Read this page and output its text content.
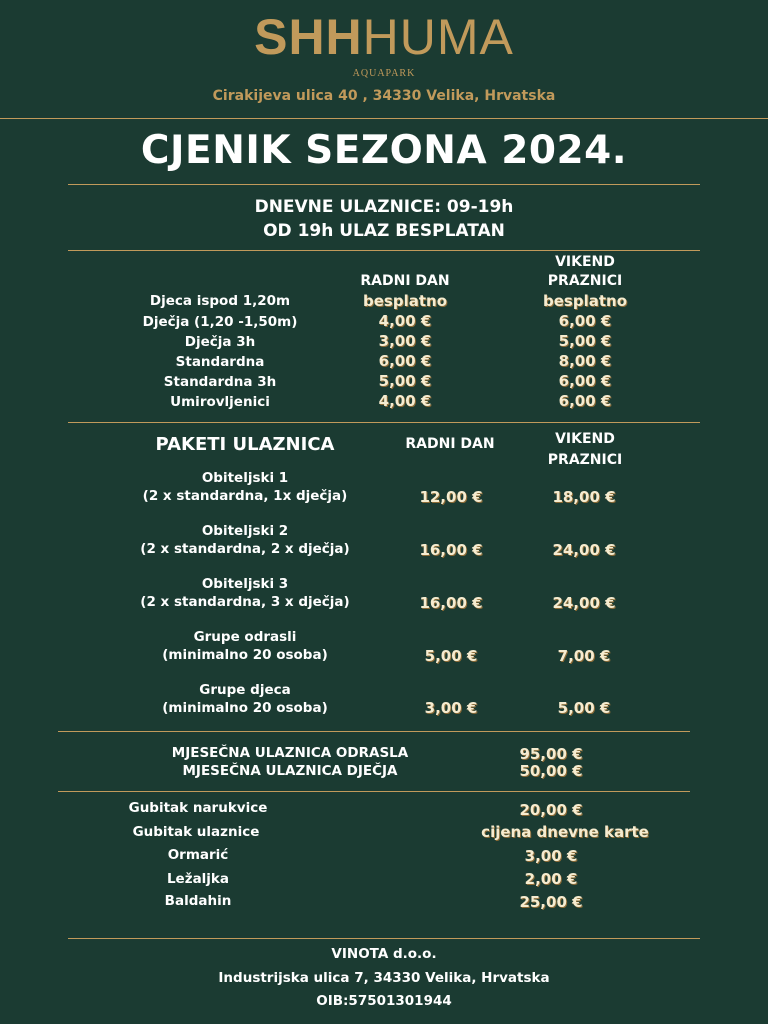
SHHHUMA
AQUAPARK
Cirakijeva ulica 40 , 34330 Velika, Hrvatska
CJENIK SEZONA 2024.
DNEVNE ULAZNICE: 09-19h
OD 19h ULAZ BESPLATAN
RADNI DAN
VIKEND
PRAZNICI
Djeca ispod 1,20m	besplatno	besplatno
Dječja (1,20 -1,50m)	4,00 €	6,00 €
Dječja 3h	3,00 €	5,00 €
Standardna	6,00 €	8,00 €
Standardna 3h	5,00 €	6,00 €
Umirovljenici	4,00 €	6,00 €
PAKETI ULAZNICA	RADNI DAN	VIKEND
PRAZNICI
Obiteljski 1
(2 x standardna, 1x dječja)	12,00 €	18,00 €
Obiteljski 2
(2 x standardna, 2 x dječja)	16,00 €	24,00 €
Obiteljski 3
(2 x standardna, 3 x dječja)	16,00 €	24,00 €
Grupe odrasli
(minimalno 20 osoba)	5,00 €	7,00 €
Grupe djeca
(minimalno 20 osoba)	3,00 €	5,00 €
MJESEČNA ULAZNICA ODRASLA	95,00 €
MJESEČNA ULAZNICA DJEČJA	50,00 €
Gubitak narukvice	20,00 €
Gubitak ulaznice	cijena dnevne karte
Ormarić	3,00 €
Ležaljka	2,00 €
Baldahin	25,00 €
VINOTA d.o.o.
Industrijska ulica 7, 34330 Velika, Hrvatska
OIB:57501301944
